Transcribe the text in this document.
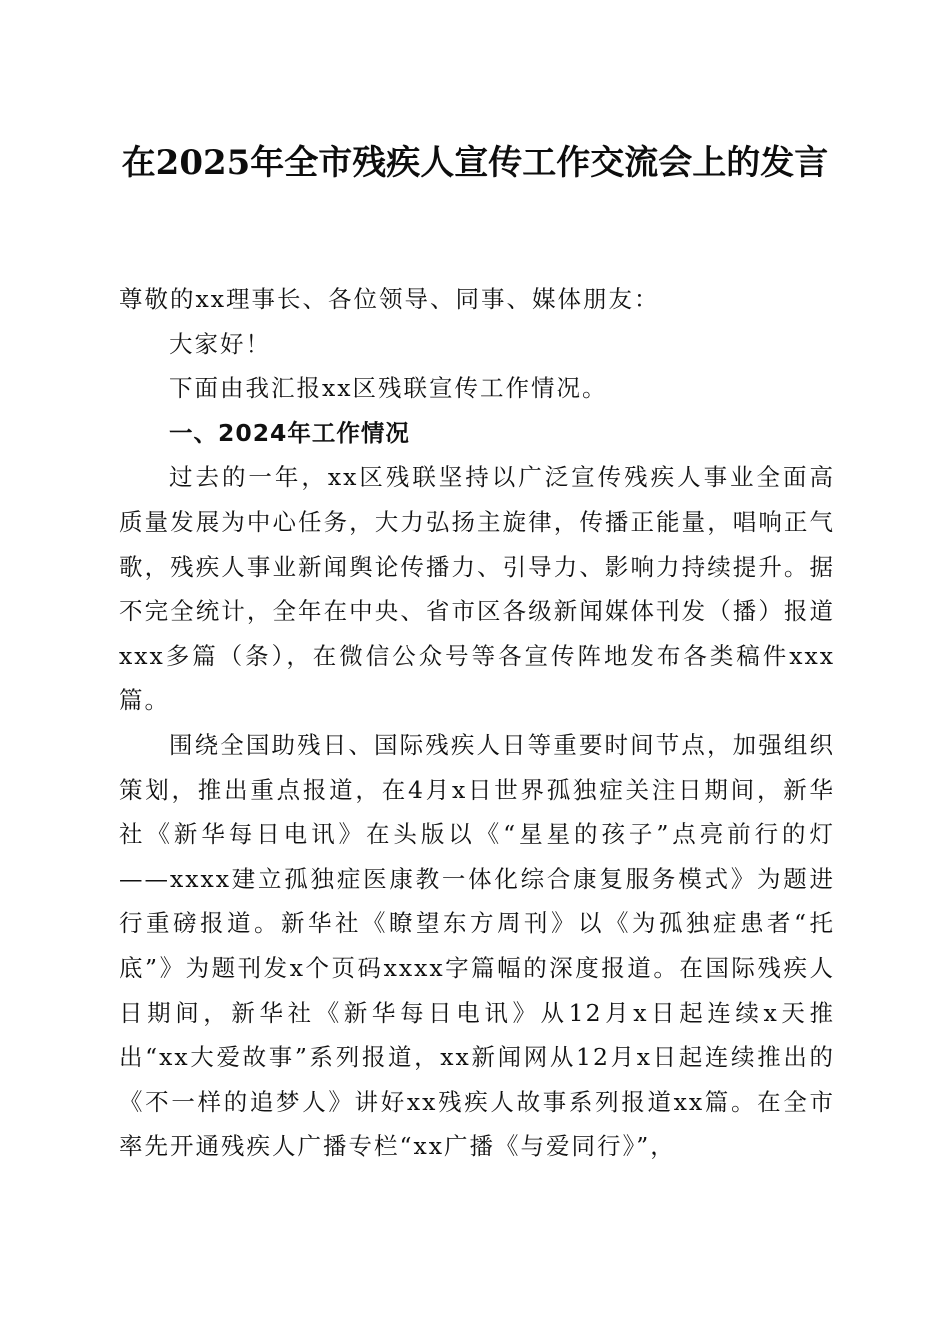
在2025年全市残疾人宣传工作交流会上的发言

尊敬的xx理事长、各位领导、同事、媒体朋友：

大家好！

下面由我汇报xx区残联宣传工作情况。

一、2024年工作情况

过去的一年，xx区残联坚持以广泛宣传残疾人事业全面高质量发展为中心任务，大力弘扬主旋律，传播正能量，唱响正气歌，残疾人事业新闻舆论传播力、引导力、影响力持续提升。据不完全统计，全年在中央、省市区各级新闻媒体刊发（播）报道xxx多篇（条），在微信公众号等各宣传阵地发布各类稿件xxx篇。

围绕全国助残日、国际残疾人日等重要时间节点，加强组织策划，推出重点报道，在4月x日世界孤独症关注日期间，新华社《新华每日电讯》在头版以《“星星的孩子”点亮前行的灯——xxxx建立孤独症医康教一体化综合康复服务模式》为题进行重磅报道。新华社《瞭望东方周刊》以《为孤独症患者“托底”》为题刊发x个页码xxxx字篇幅的深度报道。在国际残疾人日期间，新华社《新华每日电讯》从12月x日起连续x天推出“xx大爱故事”系列报道，xx新闻网从12月x日起连续推出的《不一样的追梦人》讲好xx残疾人故事系列报道xx篇。在全市率先开通残疾人广播专栏“xx广播《与爱同行》”，
